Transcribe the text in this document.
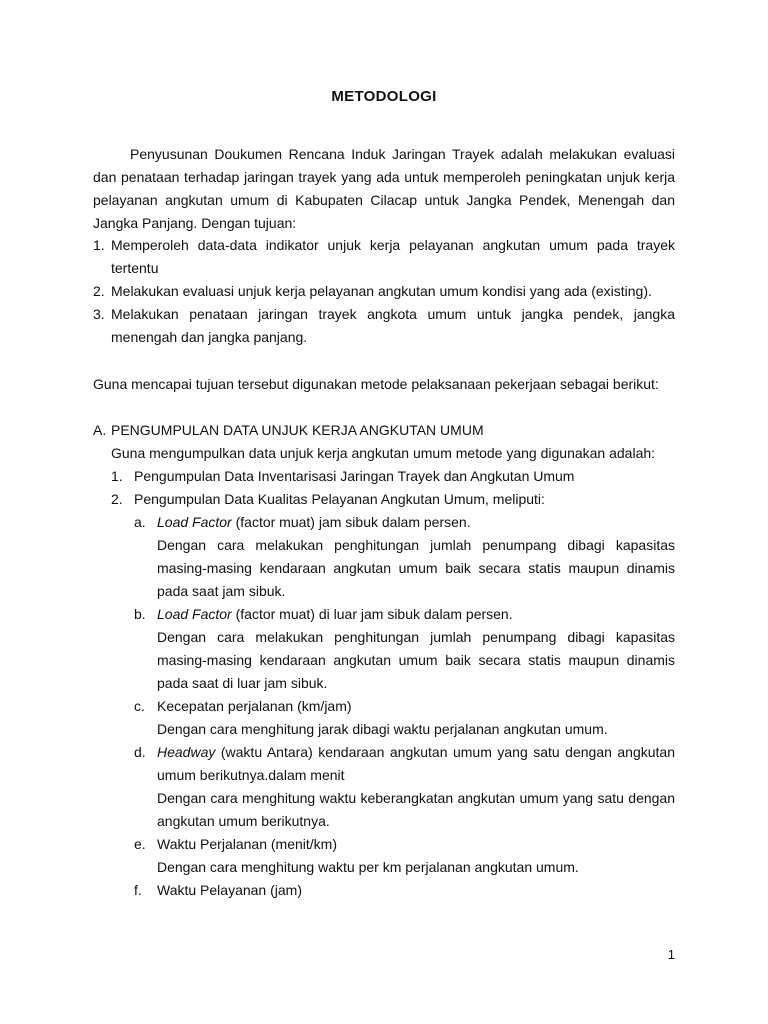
METODOLOGI

Penyusunan Doukumen Rencana Induk Jaringan Trayek adalah melakukan evaluasi dan penataan terhadap jaringan trayek yang ada untuk memperoleh peningkatan unjuk kerja pelayanan angkutan umum di Kabupaten Cilacap untuk Jangka Pendek, Menengah dan Jangka Panjang. Dengan tujuan:

1. Memperoleh data-data indikator unjuk kerja pelayanan angkutan umum pada trayek tertentu
2. Melakukan evaluasi unjuk kerja pelayanan angkutan umum kondisi yang ada (existing).
3. Melakukan penataan jaringan trayek angkota umum untuk jangka pendek, jangka menengah dan jangka panjang.
Guna mencapai tujuan tersebut digunakan metode pelaksanaan pekerjaan sebagai berikut:
A. PENGUMPULAN DATA UNJUK KERJA ANGKUTAN UMUM
Guna mengumpulkan data unjuk kerja angkutan umum metode yang digunakan adalah:
1. Pengumpulan Data Inventarisasi Jaringan Trayek dan Angkutan Umum
2. Pengumpulan Data Kualitas Pelayanan Angkutan Umum, meliputi:
a. Load Factor (factor muat) jam sibuk dalam persen.
Dengan cara melakukan penghitungan jumlah penumpang dibagi kapasitas masing-masing kendaraan angkutan umum baik secara statis maupun dinamis pada saat jam sibuk.
b. Load Factor (factor muat) di luar jam sibuk dalam persen.
Dengan cara melakukan penghitungan jumlah penumpang dibagi kapasitas masing-masing kendaraan angkutan umum baik secara statis maupun dinamis pada saat di luar jam sibuk.
c. Kecepatan perjalanan (km/jam)
Dengan cara menghitung jarak dibagi waktu perjalanan angkutan umum.
d. Headway (waktu Antara) kendaraan angkutan umum yang satu dengan angkutan umum berikutnya.dalam menit
Dengan cara menghitung waktu keberangkatan angkutan umum yang satu dengan angkutan umum berikutnya.
e. Waktu Perjalanan (menit/km)
Dengan cara menghitung waktu per km perjalanan angkutan umum.
f. Waktu Pelayanan (jam)
1
